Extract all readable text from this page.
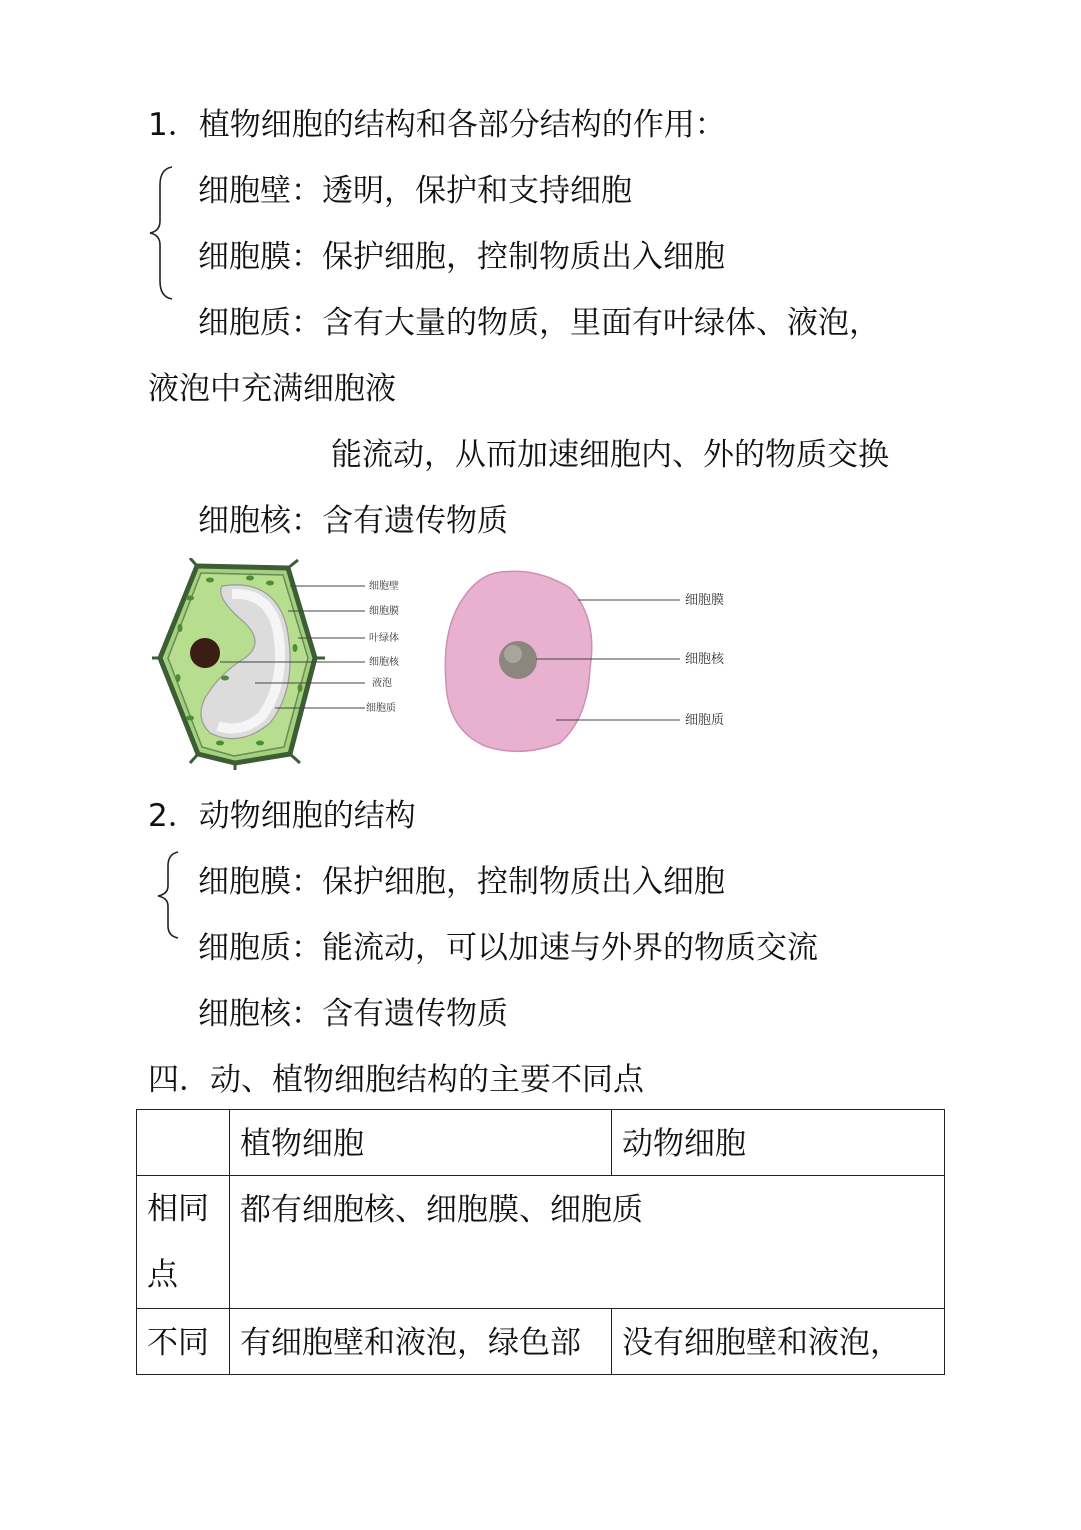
1．植物细胞的结构和各部分结构的作用：
细胞壁：透明，保护和支持细胞
细胞膜：保护细胞，控制物质出入细胞
细胞质：含有大量的物质，里面有叶绿体、液泡，
液泡中充满细胞液
能流动，从而加速细胞内、外的物质交换
细胞核：含有遗传物质
细胞壁
细胞膜
叶绿体
细胞核
液泡
细胞质
细胞膜
细胞核
细胞质
2．动物细胞的结构
细胞膜：保护细胞，控制物质出入细胞
细胞质：能流动，可以加速与外界的物质交流
细胞核：含有遗传物质
四．动、植物细胞结构的主要不同点
	植物细胞	动物细胞
相同点	都有细胞核、细胞膜、细胞质	
不同	有细胞壁和液泡，绿色部	没有细胞壁和液泡，
